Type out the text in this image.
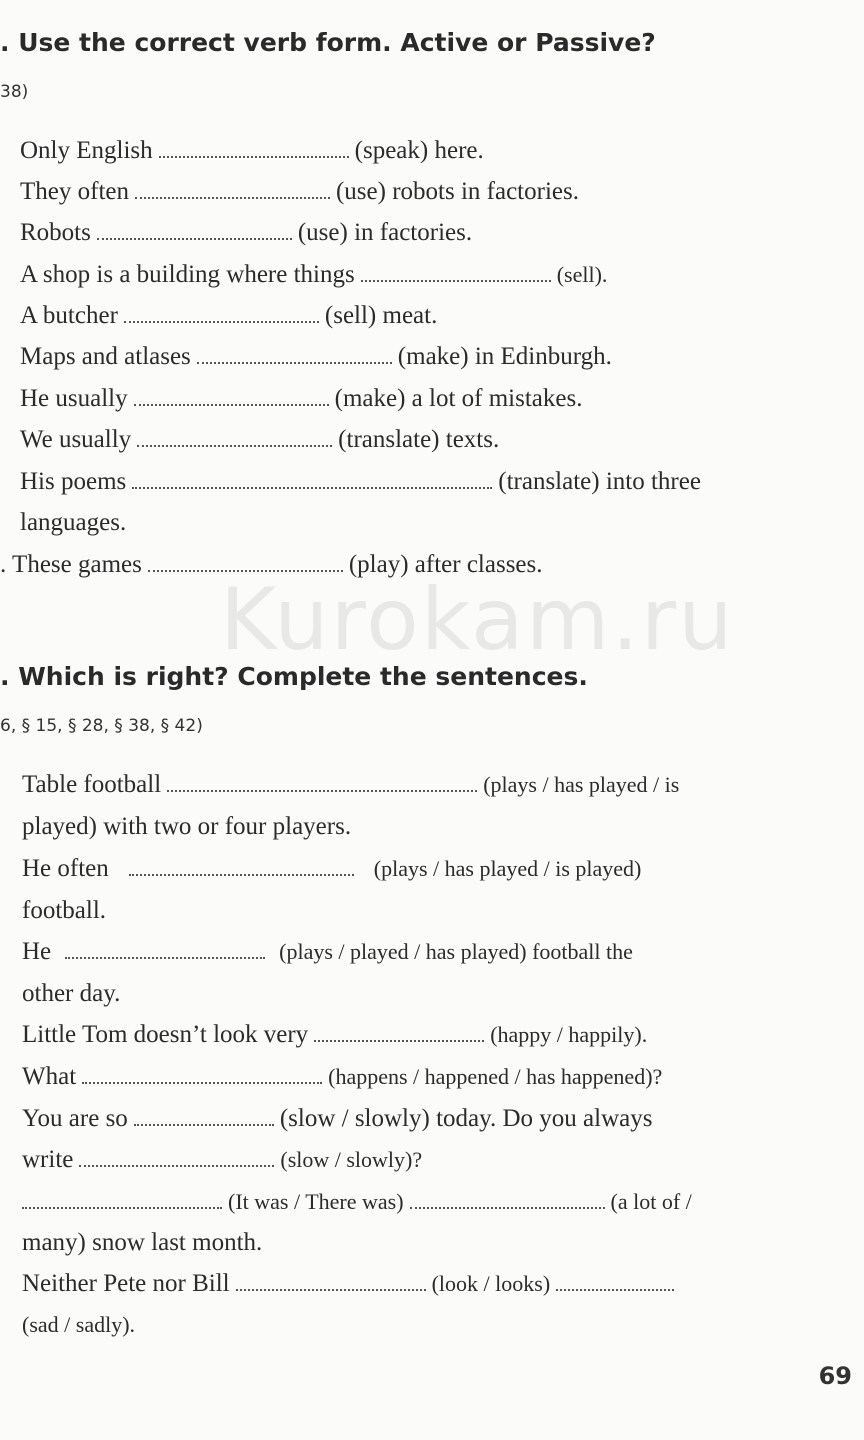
. Use the correct verb form. Active or Passive?
38)
Only English	(speak) here.
They often	(use) robots in factories.
Robots	(use) in factories.
A shop is a building where things	(sell).
A butcher	(sell) meat.
Maps and atlases	(make) in Edinburgh.
He usually	(make) a lot of mistakes.
We usually	(translate) texts.
His poems	(translate) into three
languages.
. These games	(play) after classes.
Kurokam.ru
. Which is right? Complete the sentences.
6, § 15, § 28, § 38, § 42)
Table football	(plays / has played / is
played) with two or four players.
He often	(plays / has played / is played)
football.
He	(plays / played / has played) football the
other day.
Little Tom doesn’t look very	(happy / happily).
What	(happens / happened / has happened)?
You are so	(slow / slowly) today. Do you always
write	(slow / slowly)?
(It was / There was)	(a lot of /
many) snow last month.
Neither Pete nor Bill	(look / looks)
(sad / sadly).
69
